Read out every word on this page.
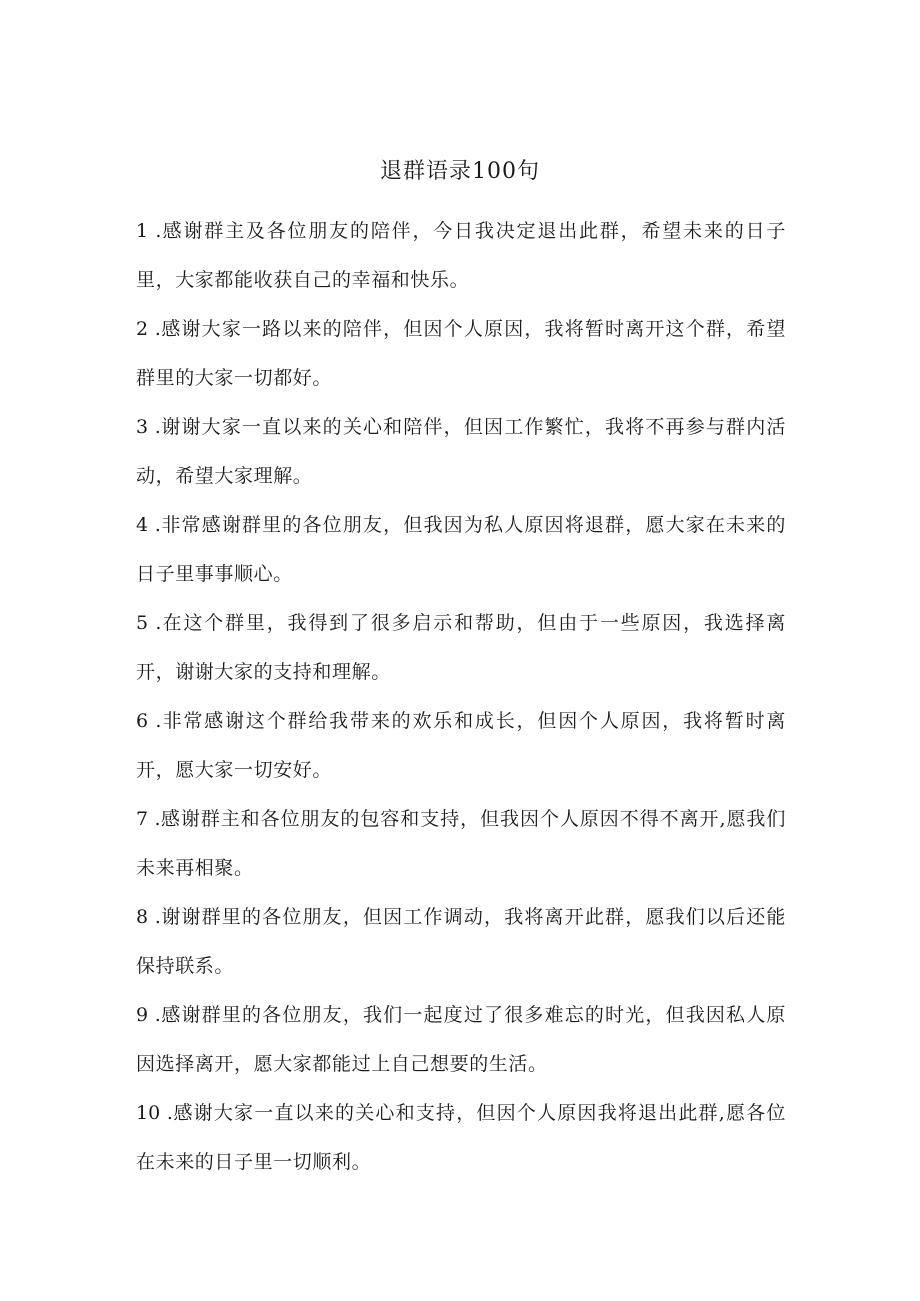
退群语录100句
1 .感谢群主及各位朋友的陪伴，今日我决定退出此群，希望未来的日子里，大家都能收获自己的幸福和快乐。
2 .感谢大家一路以来的陪伴，但因个人原因，我将暂时离开这个群，希望群里的大家一切都好。
3 .谢谢大家一直以来的关心和陪伴，但因工作繁忙，我将不再参与群内活动，希望大家理解。
4 .非常感谢群里的各位朋友，但我因为私人原因将退群，愿大家在未来的日子里事事顺心。
5 .在这个群里，我得到了很多启示和帮助，但由于一些原因，我选择离开，谢谢大家的支持和理解。
6 .非常感谢这个群给我带来的欢乐和成长，但因个人原因，我将暂时离开，愿大家一切安好。
7 .感谢群主和各位朋友的包容和支持，但我因个人原因不得不离开,愿我们未来再相聚。
8 .谢谢群里的各位朋友，但因工作调动，我将离开此群，愿我们以后还能保持联系。
9 .感谢群里的各位朋友，我们一起度过了很多难忘的时光，但我因私人原因选择离开，愿大家都能过上自己想要的生活。
10 .感谢大家一直以来的关心和支持，但因个人原因我将退出此群,愿各位在未来的日子里一切顺利。
